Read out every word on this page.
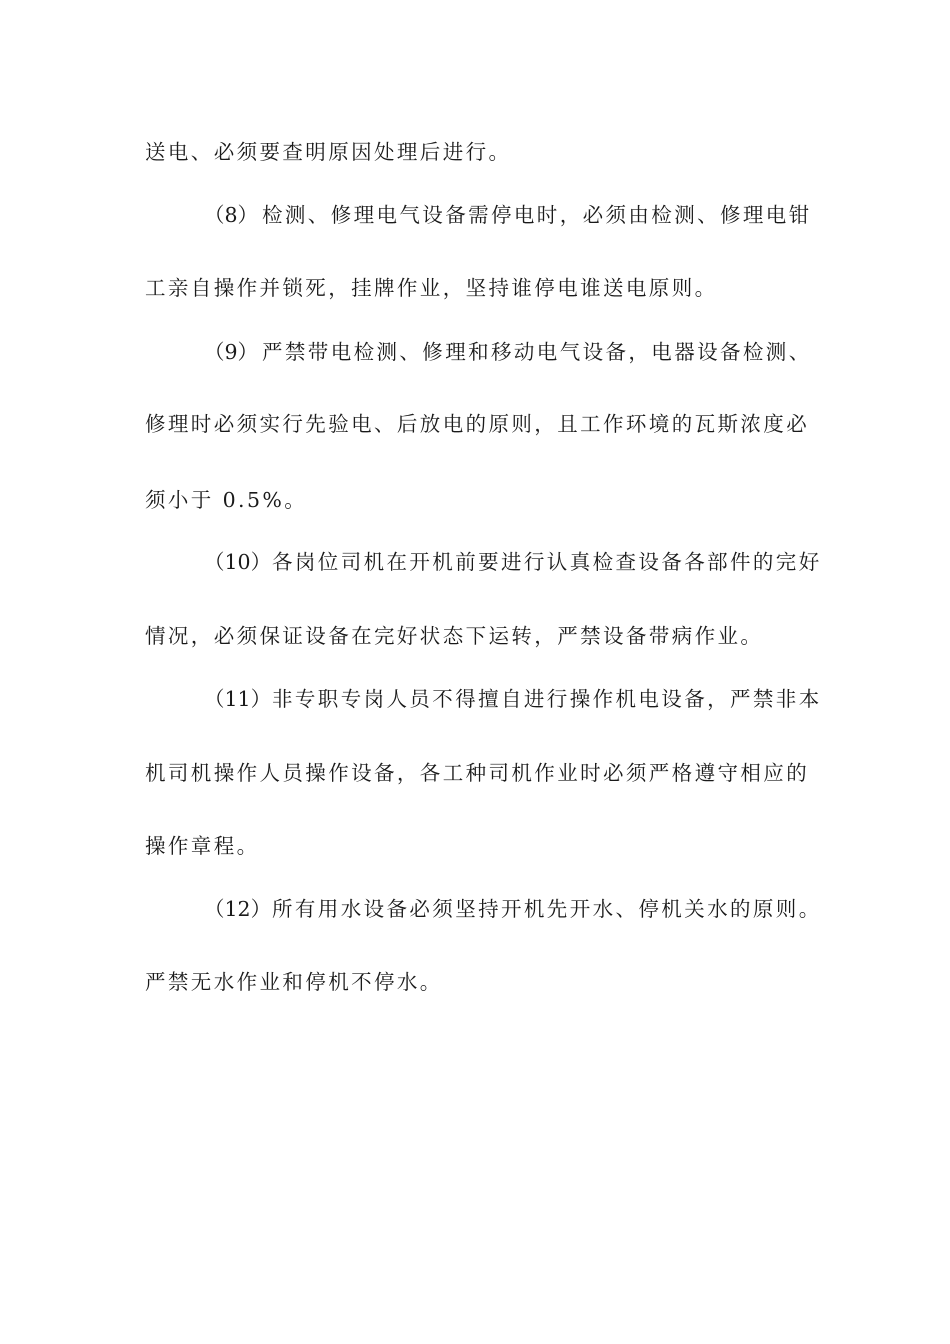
送电、必须要查明原因处理后进行。
（8） 检测、修理电气设备需停电时，必须由检测、修理电钳
工亲自操作并锁死，挂牌作业，坚持谁停电谁送电原则。
（9） 严禁带电检测、修理和移动电气设备，电器设备检测、
修理时必须实行先验电、后放电的原则，且工作环境的瓦斯浓度必
须小于 0.5%。
（10） 各岗位司机在开机前要进行认真检查设备各部件的完好
情况，必须保证设备在完好状态下运转，严禁设备带病作业。
（11） 非专职专岗人员不得擅自进行操作机电设备，严禁非本
机司机操作人员操作设备，各工种司机作业时必须严格遵守相应的
操作章程。
（12） 所有用水设备必须坚持开机先开水、停机关水的原则。
严禁无水作业和停机不停水。
